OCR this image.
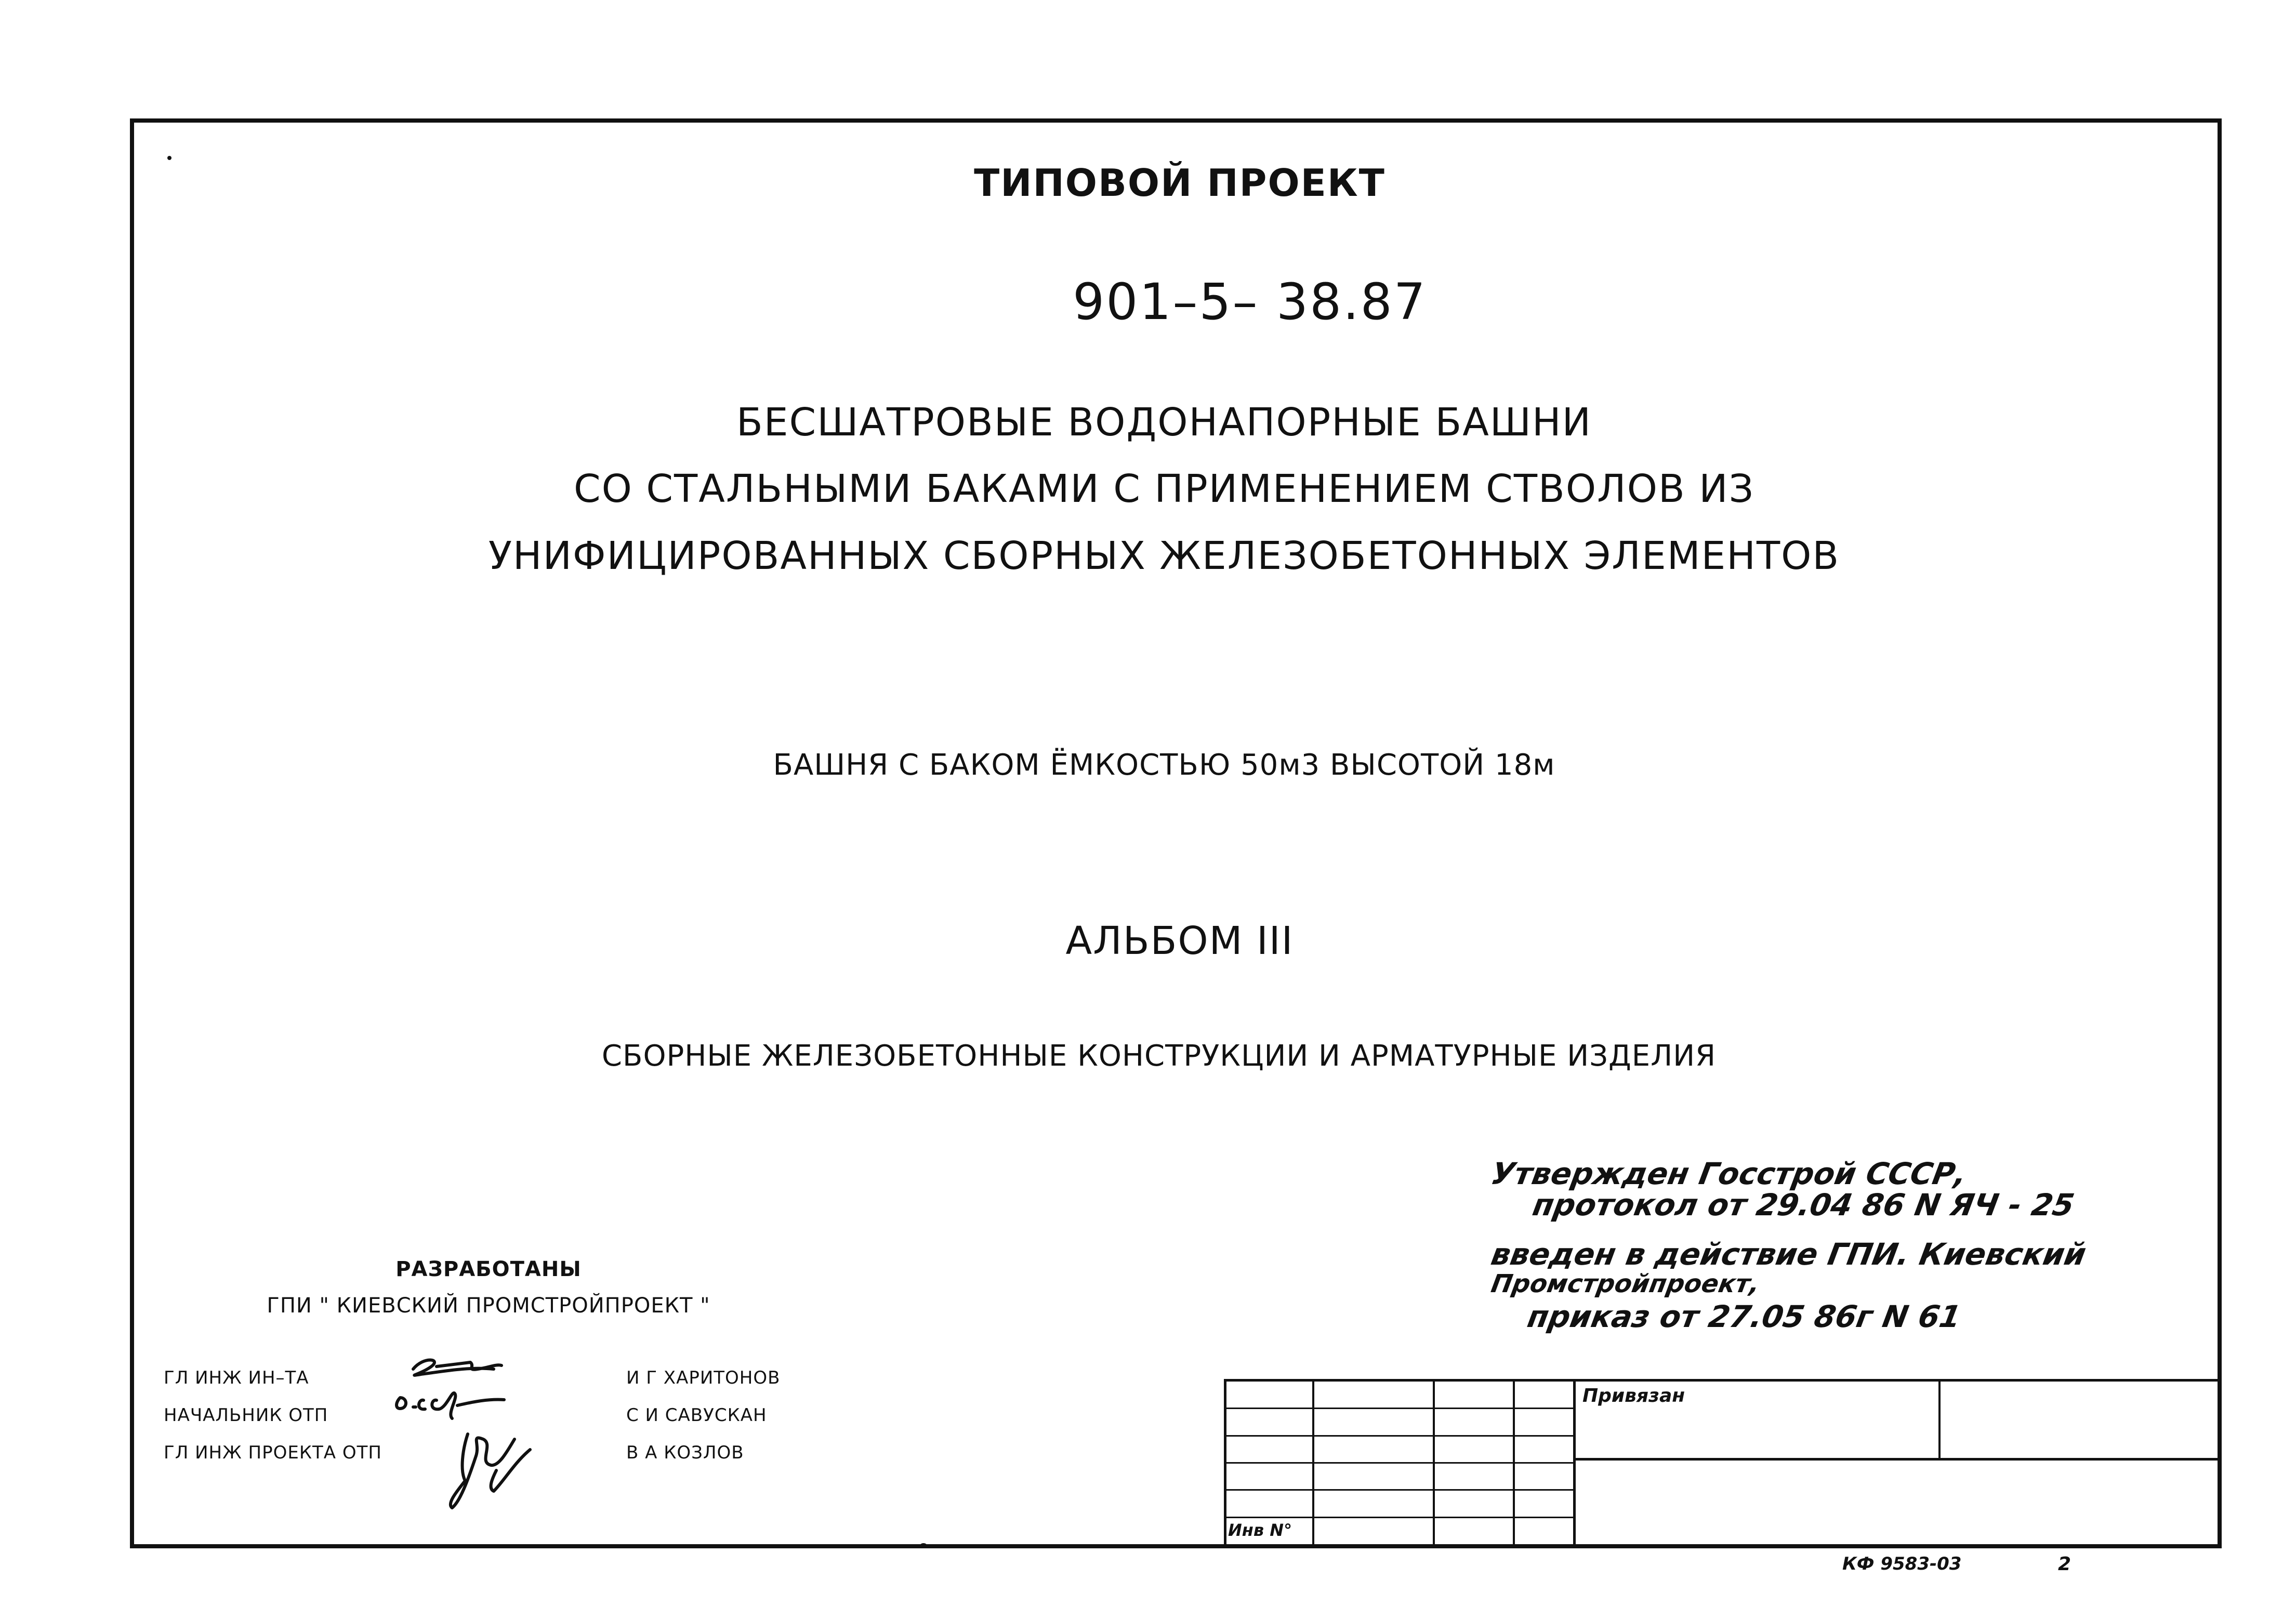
ТИПОВОЙ ПРОЕКТ
901–5– 38.87
БЕСШАТРОВЫЕ ВОДОНАПОРНЫЕ БАШНИ
СО СТАЛЬНЫМИ БАКАМИ С ПРИМЕНЕНИЕМ СТВОЛОВ ИЗ
УНИФИЦИРОВАННЫХ СБОРНЫХ ЖЕЛЕЗОБЕТОННЫХ ЭЛЕМЕНТОВ
БАШНЯ С БАКОМ ЁМКОСТЬЮ 50м3 ВЫСОТОЙ 18м
АЛЬБОМ III
СБОРНЫЕ ЖЕЛЕЗОБЕТОННЫЕ КОНСТРУКЦИИ И АРМАТУРНЫЕ ИЗДЕЛИЯ
Утвержден Госстрой СССР,
протокол от 29.04 86 N ЯЧ - 25
введен в действие ГПИ. Киевский
Промстройпроект,
приказ от 27.05 86г N 61
РАЗРАБОТАНЫ
ГПИ " КИЕВСКИЙ ПРОМСТРОЙПРОЕКТ "
ГЛ ИНЖ ИН–ТА	И Г ХАРИТОНОВ
НАЧАЛЬНИК ОТП	С И САВУСКАН
ГЛ ИНЖ ПРОЕКТА ОТП	В А КОЗЛОВ
Привязан
Инв N°
КФ 9583-03	2
